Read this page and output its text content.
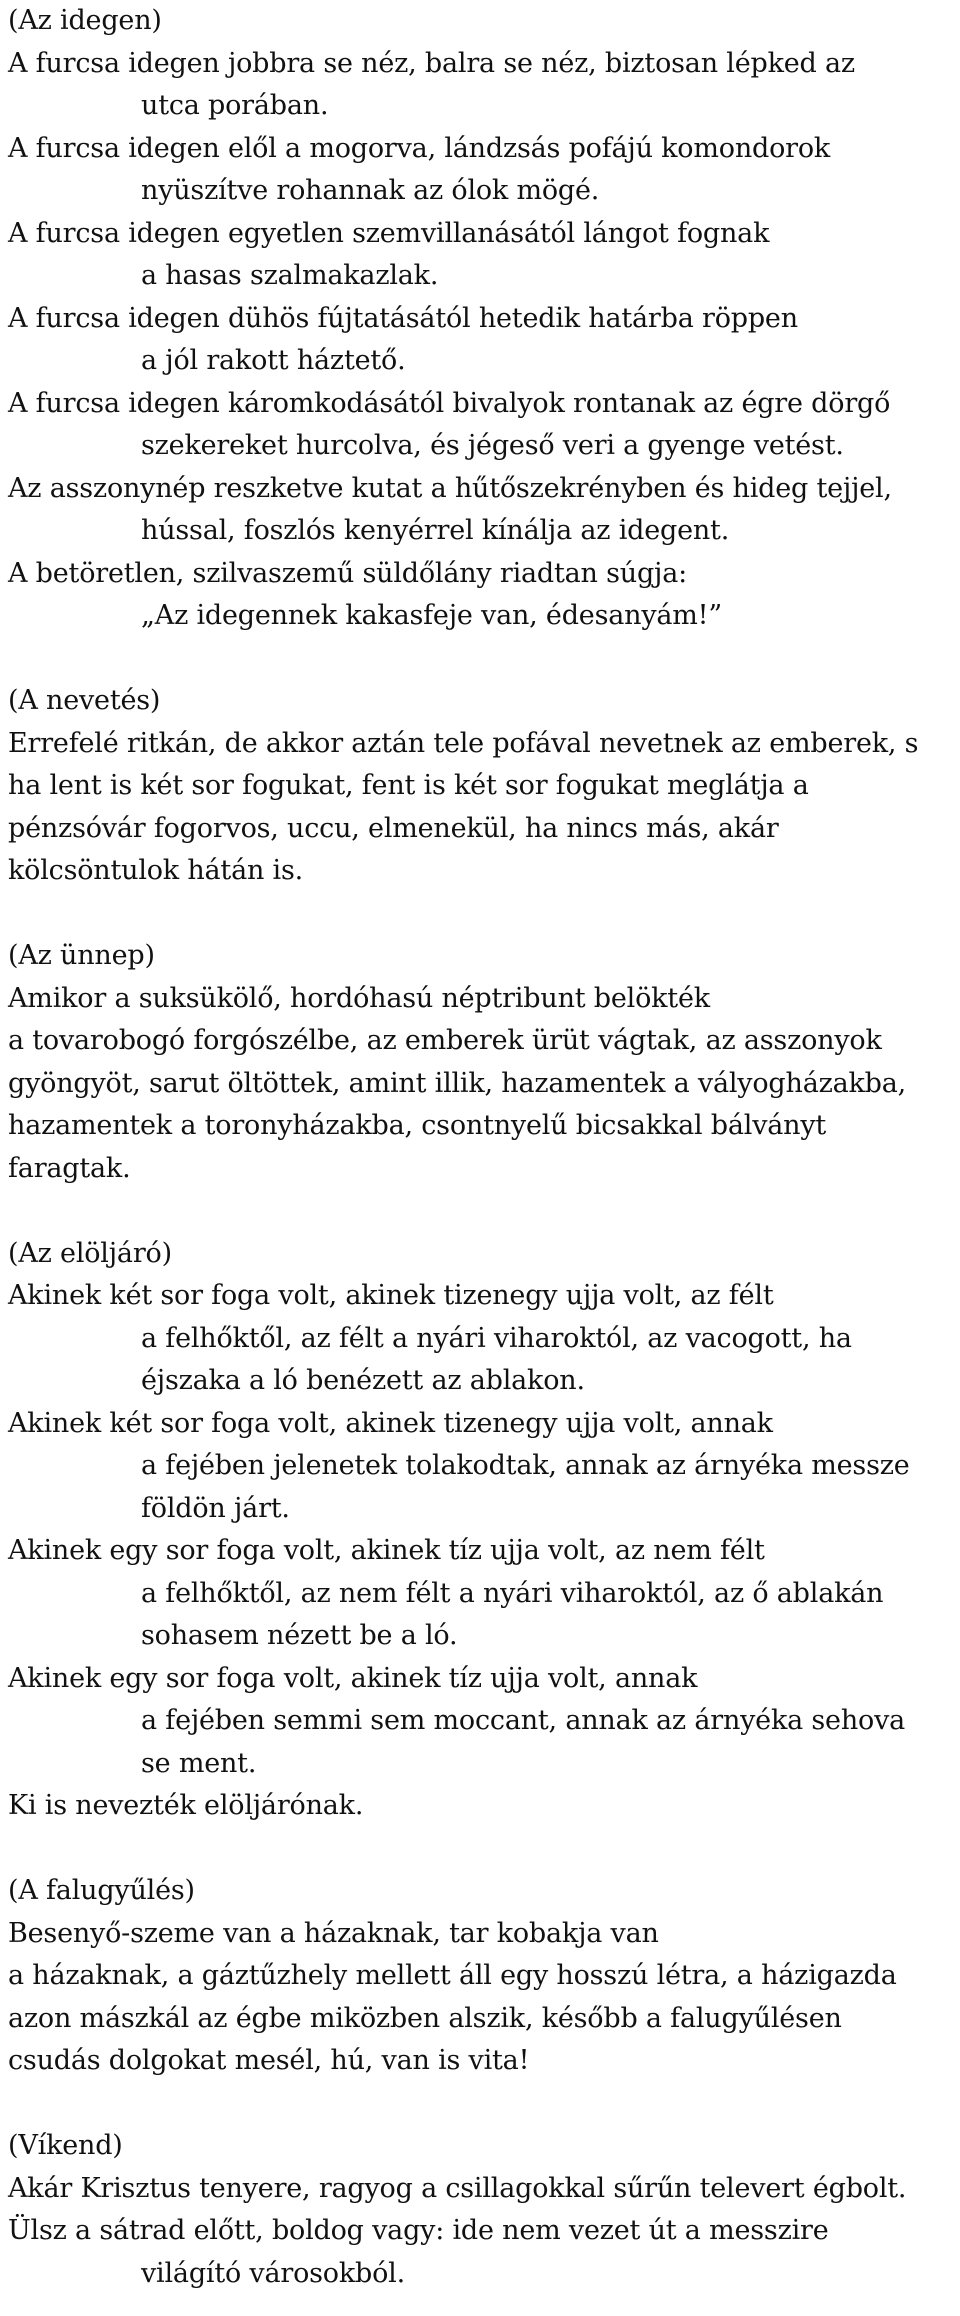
(Az idegen)
A furcsa idegen jobbra se néz, balra se néz, biztosan lépked az
utca porában.
A furcsa idegen elől a mogorva, lándzsás pofájú komondorok
nyüszítve rohannak az ólok mögé.
A furcsa idegen egyetlen szemvillanásától lángot fognak
a hasas szalmakazlak.
A furcsa idegen dühös fújtatásától hetedik határba röppen
a jól rakott háztető.
A furcsa idegen káromkodásától bivalyok rontanak az égre dörgő
szekereket hurcolva, és jégeső veri a gyenge vetést.
Az asszonynép reszketve kutat a hűtőszekrényben és hideg tejjel,
hússal, foszlós kenyérrel kínálja az idegent.
A betöretlen, szilvaszemű süldőlány riadtan súgja:
„Az idegennek kakasfeje van, édesanyám!”
(A nevetés)
Errefelé ritkán, de akkor aztán tele pofával nevetnek az emberek, s
ha lent is két sor fogukat, fent is két sor fogukat meglátja a
pénzsóvár fogorvos, uccu, elmenekül, ha nincs más, akár
kölcsöntulok hátán is.
(Az ünnep)
Amikor a suksükölő, hordóhasú néptribunt belökték
a tovarobogó forgószélbe, az emberek ürüt vágtak, az asszonyok
gyöngyöt, sarut öltöttek, amint illik, hazamentek a vályogházakba,
hazamentek a toronyházakba, csontnyelű bicsakkal bálványt
faragtak.
(Az elöljáró)
Akinek két sor foga volt, akinek tizenegy ujja volt, az félt
a felhőktől, az félt a nyári viharoktól, az vacogott, ha
éjszaka a ló benézett az ablakon.
Akinek két sor foga volt, akinek tizenegy ujja volt, annak
a fejében jelenetek tolakodtak, annak az árnyéka messze
földön járt.
Akinek egy sor foga volt, akinek tíz ujja volt, az nem félt
a felhőktől, az nem félt a nyári viharoktól, az ő ablakán
sohasem nézett be a ló.
Akinek egy sor foga volt, akinek tíz ujja volt, annak
a fejében semmi sem moccant, annak az árnyéka sehova
se ment.
Ki is nevezték elöljárónak.
(A falugyűlés)
Besenyő-szeme van a házaknak, tar kobakja van
a házaknak, a gáztűzhely mellett áll egy hosszú létra, a házigazda
azon mászkál az égbe miközben alszik, később a falugyűlésen
csudás dolgokat mesél, hú, van is vita!
(Víkend)
Akár Krisztus tenyere, ragyog a csillagokkal sűrűn televert égbolt.
Ülsz a sátrad előtt, boldog vagy: ide nem vezet út a messzire
világító városokból.
